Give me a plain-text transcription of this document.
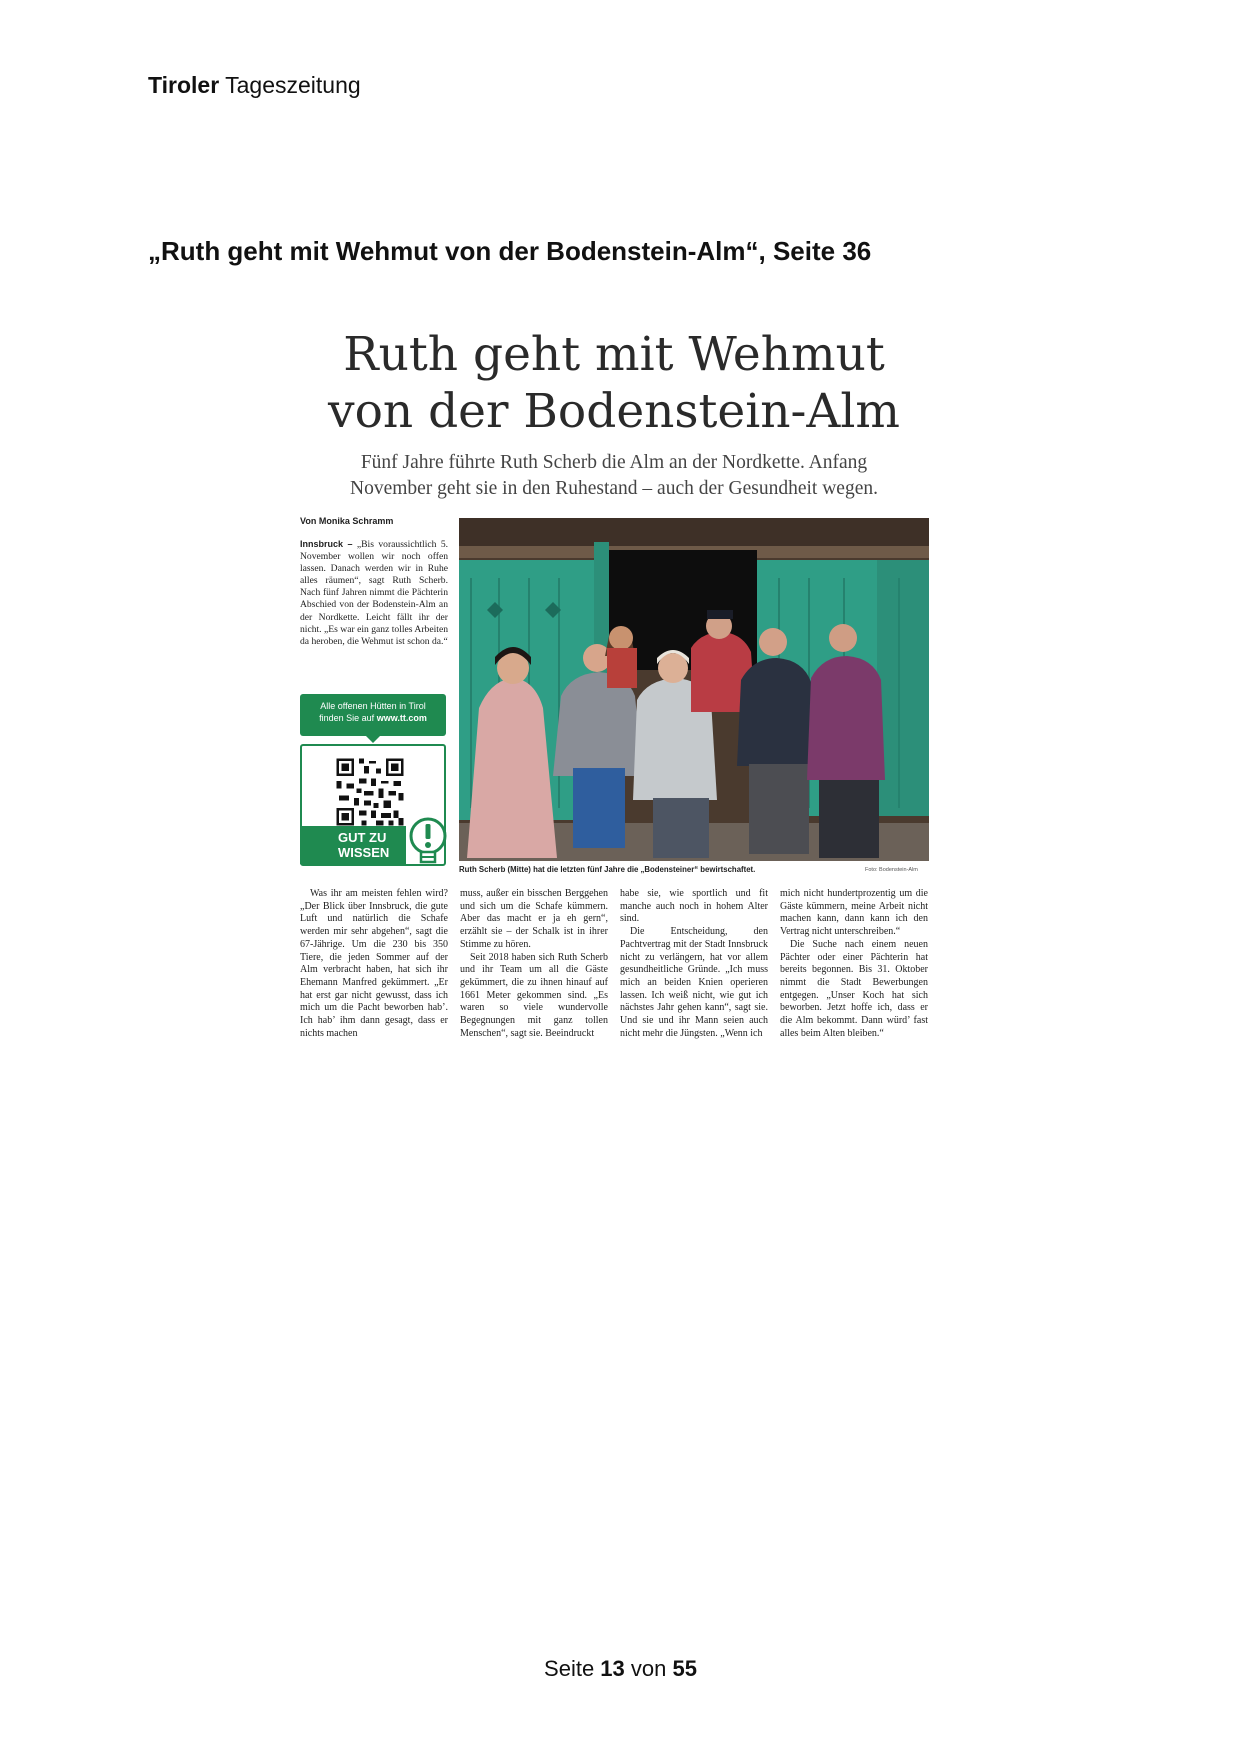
Tiroler Tageszeitung
„Ruth geht mit Wehmut von der Bodenstein-Alm“, Seite 36
Ruth geht mit Wehmut
von der Bodenstein-Alm
Fünf Jahre führte Ruth Scherb die Alm an der Nordkette. Anfang
November geht sie in den Ruhestand – auch der Gesundheit wegen.
Von Monika Schramm
Innsbruck – „Bis voraussichtlich 5. November wollen wir noch offen lassen. Danach werden wir in Ruhe alles räumen“, sagt Ruth Scherb. Nach fünf Jahren nimmt die Pächterin Abschied von der Bodenstein-Alm an der Nordkette. Leicht fällt ihr der nicht. „Es war ein ganz tolles Arbeiten da heroben, die Wehmut ist schon da.“
Alle offenen Hütten in Tirol
finden Sie auf www.tt.com
GUT ZU
WISSEN
Ruth Scherb (Mitte) hat die letzten fünf Jahre die „Bodensteiner“ bewirtschaftet.	Foto: Bodenstein-Alm
Was ihr am meisten fehlen wird? „Der Blick über Innsbruck, die gute Luft und natürlich die Schafe werden mir sehr abgehen“, sagt die 67-Jährige. Um die 230 bis 350 Tiere, die jeden Sommer auf der Alm verbracht haben, hat sich ihr Ehemann Manfred gekümmert. „Er hat erst gar nicht gewusst, dass ich mich um die Pacht beworben hab’. Ich hab’ ihm dann gesagt, dass er nichts machen
muss, außer ein bisschen Berggehen und sich um die Schafe kümmern. Aber das macht er ja eh gern“, erzählt sie – der Schalk ist in ihrer Stimme zu hören.
Seit 2018 haben sich Ruth Scherb und ihr Team um all die Gäste gekümmert, die zu ihnen hinauf auf 1661 Meter gekommen sind. „Es waren so viele wundervolle Begegnungen mit ganz tollen Menschen“, sagt sie. Beeindruckt
habe sie, wie sportlich und fit manche auch noch in hohem Alter sind.
Die Entscheidung, den Pachtvertrag mit der Stadt Innsbruck nicht zu verlängern, hat vor allem gesundheitliche Gründe. „Ich muss mich an beiden Knien operieren lassen. Ich weiß nicht, wie gut ich nächstes Jahr gehen kann“, sagt sie. Und sie und ihr Mann seien auch nicht mehr die Jüngsten. „Wenn ich
mich nicht hundertprozentig um die Gäste kümmern, meine Arbeit nicht machen kann, dann kann ich den Vertrag nicht unterschreiben.“
Die Suche nach einem neuen Pächter oder einer Pächterin hat bereits begonnen. Bis 31. Oktober nimmt die Stadt Bewerbungen entgegen. „Unser Koch hat sich beworben. Jetzt hoffe ich, dass er die Alm bekommt. Dann würd’ fast alles beim Alten bleiben.“
Seite 13 von 55
